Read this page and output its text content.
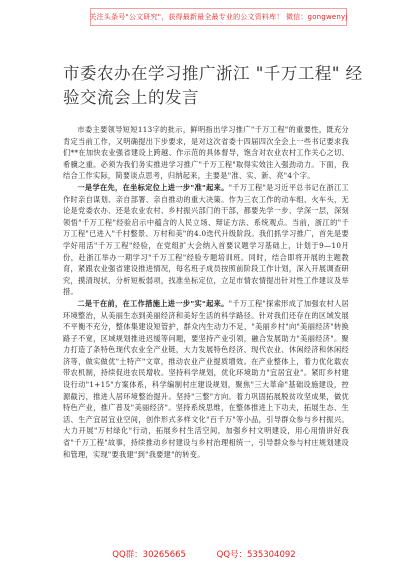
关注头条号"公文研究"，获得最新最全最专业的公文资料库！ 微信：gongwenyj
市委农办在学习推广浙江 "千万工程" 经验交流会上的发言

市委主要领导短短113字的批示，鲜明指出学习推广"千万工程"的重要性，既充分肯定当前工作，又明确提出下步要求，是对这次省委十四届四次全会上一些书记要求我们**在加快农业强省建设上跨越、作示范的具体督导，饱含对农业农村工作关心之切、希骥之重。必须为我们务实推进学习推广"千万工程"取得实效注入强劲动力。下面，我结合工作实际，简要谈点思考，归纳起来，主要是"准、实、新、亮"4个字。

一是学在先，在坐标定位上进一步"准"起来。"千万工程"是习近平总书记在浙江工作时亲自谋划、亲自部署、亲自推动的重大决策。作为三农工作的动车组、火车头，无论是党委农办、还是农业农村、乡村振兴部门的干部，都要先学一步、学深一层，深刻领悟"千万工程"经验启示中蕴含的人民立场、辩证方法、系统观点。当前，浙江的"千万工程"已进入"千村整景、万村和美"的4.0迭代升级阶段。我们抓学习推广，首先是要学好用活"千万工程"经验，在党组扩大会纳入首要议题学习基础上，计划于9—10月份，赴浙江举办一期学习"千万工程"经验专题培训班。同时，结合即将开展的主题教育，紧跟农业强省建设推进情况，每名班子成员按照前阶段工作计划，深入开展调查研究，摸清现状，分析短板弱项，找准坐标定位，立足市情农情提出针对性工作建议及举措。

二是干在前，在工作措施上进一步"实"起来。"千万工程"探索形成了加强农村人居环境整治，从美丽生态到美丽经济和美好生活的科学路径。针对我们还存在的区域发展不平衡不充分，整体集建设短管护，群众内生动力不足，"美丽乡村"向"美丽经济"转换路子不宽，区域规划推进迟缓等问题，要坚持产业引领，融合发展助力"美丽经济"。聚力打造了条特色现代农业全产业链，大力发展特色经济、现代农业、休闲经济和休闲经济等，做实做优"土特产"文章，推动农业产业提质增效。在产业整体上，着力优化载农带农机制，持续促进农民增收。坚持科学规划，优化环境助力"宜居宜业"。紧盯乡村建设行动"1+15"方案体系，科学编制村庄建设规划，聚焦"三大革命"基础设施建设，控源截污，推进人居环境整治提升。坚持"三整"方向。着力巩固拓展脱贫攻坚成果，做优特色产业，推广普及"美丽经济"。坚持系统思维，在整体推进上下功夫，拓展生态、生活、生产宜居宜业空间，创作形式多样文化"百千万"等小品，引导群众参与乡村振兴。大力开展"万村绿化"行动，拓展乡村生活空间，加强乡村文明建设，用心用情讲好我省"千万工程"故事，持续推动乡村建设与乡村治理相统一，引导群众参与村庄规划建设和管理，实现"要我建"到"我要建"的转变。

QQ群：30265665	QQ号：535304092
